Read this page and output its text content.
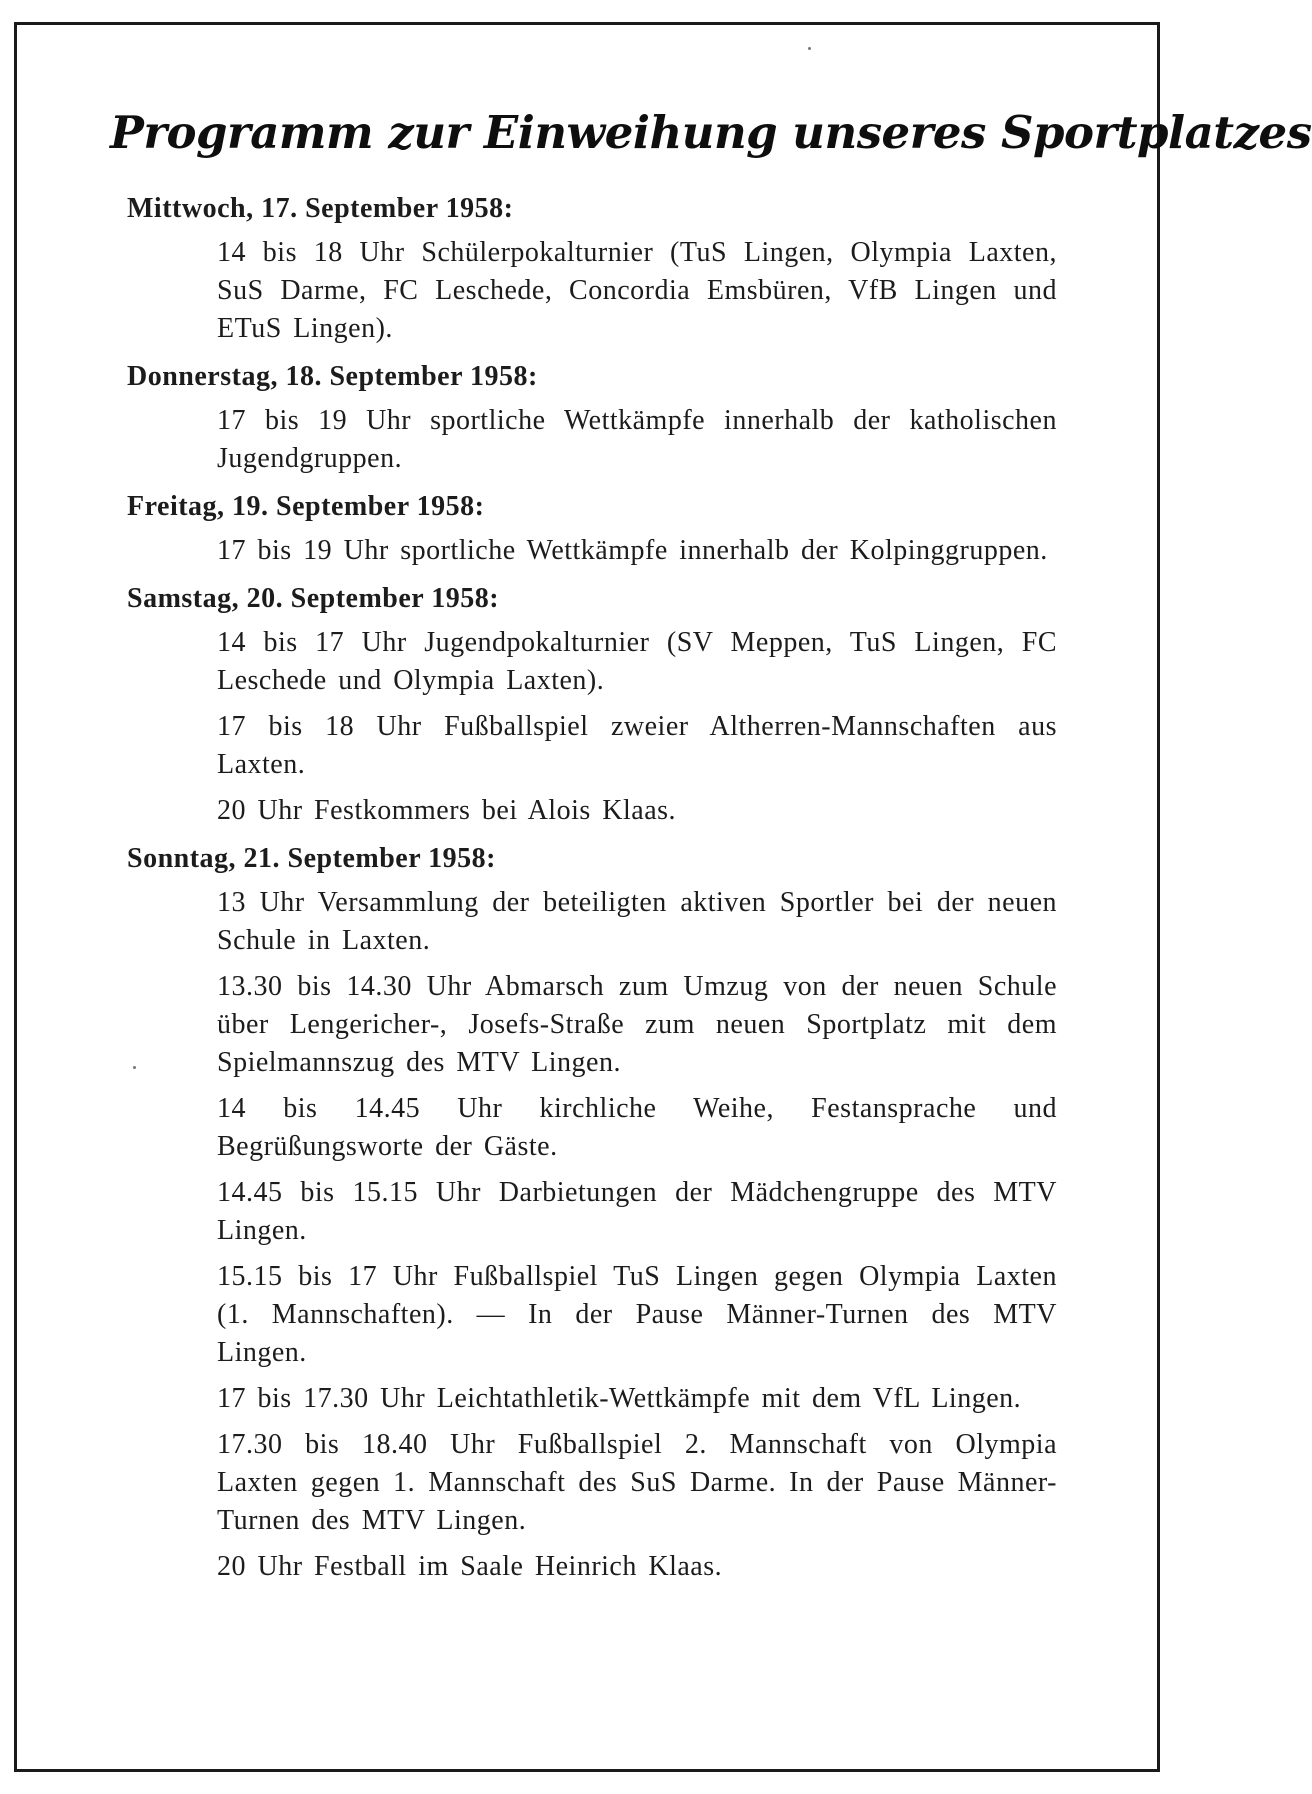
Programm zur Einweihung unseres Sportplatzes
Mittwoch, 17. September 1958:

14 bis 18 Uhr Schülerpokalturnier (TuS Lingen, Olympia Laxten, SuS Darme, FC Leschede, Concordia Emsbüren, VfB Lingen und ETuS Lingen).

Donnerstag, 18. September 1958:

17 bis 19 Uhr sportliche Wettkämpfe innerhalb der katholischen Jugendgruppen.

Freitag, 19. September 1958:

17 bis 19 Uhr sportliche Wettkämpfe innerhalb der Kolpinggruppen.

Samstag, 20. September 1958:

14 bis 17 Uhr Jugendpokalturnier (SV Meppen, TuS Lingen, FC Leschede und Olympia Laxten).

17 bis 18 Uhr Fußballspiel zweier Altherren-Mannschaften aus Laxten.

20 Uhr Festkommers bei Alois Klaas.

Sonntag, 21. September 1958:

13 Uhr Versammlung der beteiligten aktiven Sportler bei der neuen Schule in Laxten.

13.30 bis 14.30 Uhr Abmarsch zum Umzug von der neuen Schule über Lengericher-, Josefs-Straße zum neuen Sportplatz mit dem Spielmannszug des MTV Lingen.

14 bis 14.45 Uhr kirchliche Weihe, Festansprache und Begrüßungsworte der Gäste.

14.45 bis 15.15 Uhr Darbietungen der Mädchengruppe des MTV Lingen.

15.15 bis 17 Uhr Fußballspiel TuS Lingen gegen Olympia Laxten (1. Mannschaften). — In der Pause Männer-Turnen des MTV Lingen.

17 bis 17.30 Uhr Leichtathletik-Wettkämpfe mit dem VfL Lingen.

17.30 bis 18.40 Uhr Fußballspiel 2. Mannschaft von Olympia Laxten gegen 1. Mannschaft des SuS Darme. In der Pause Männer-Turnen des MTV Lingen.

20 Uhr Festball im Saale Heinrich Klaas.
